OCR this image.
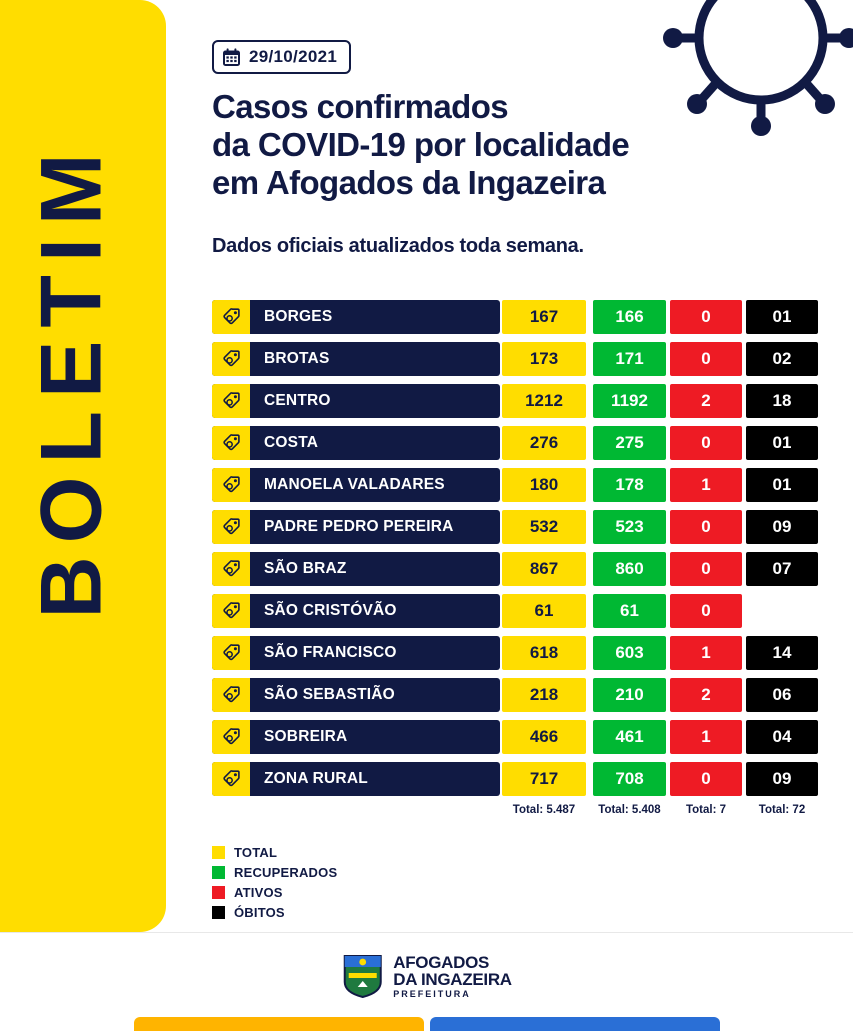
BOLETIM
29/10/2021
Casos confirmados
da COVID-19 por localidade
em Afogados da Ingazeira
Dados oficiais atualizados toda semana.
BORGES	167	166	0	01
BROTAS	173	171	0	02
CENTRO	1212	1192	2	18
COSTA	276	275	0	01
MANOELA VALADARES	180	178	1	01
PADRE PEDRO PEREIRA	532	523	0	09
SÃO BRAZ	867	860	0	07
SÃO CRISTÓVÃO	61	61	0
SÃO FRANCISCO	618	603	1	14
SÃO SEBASTIÃO	218	210	2	06
SOBREIRA	466	461	1	04
ZONA RURAL	717	708	0	09
Total: 5.487	Total: 5.408	Total: 7	Total: 72
TOTAL
RECUPERADOS
ATIVOS
ÓBITOS
AFOGADOS
DA INGAZEIRA
PREFEITURA
